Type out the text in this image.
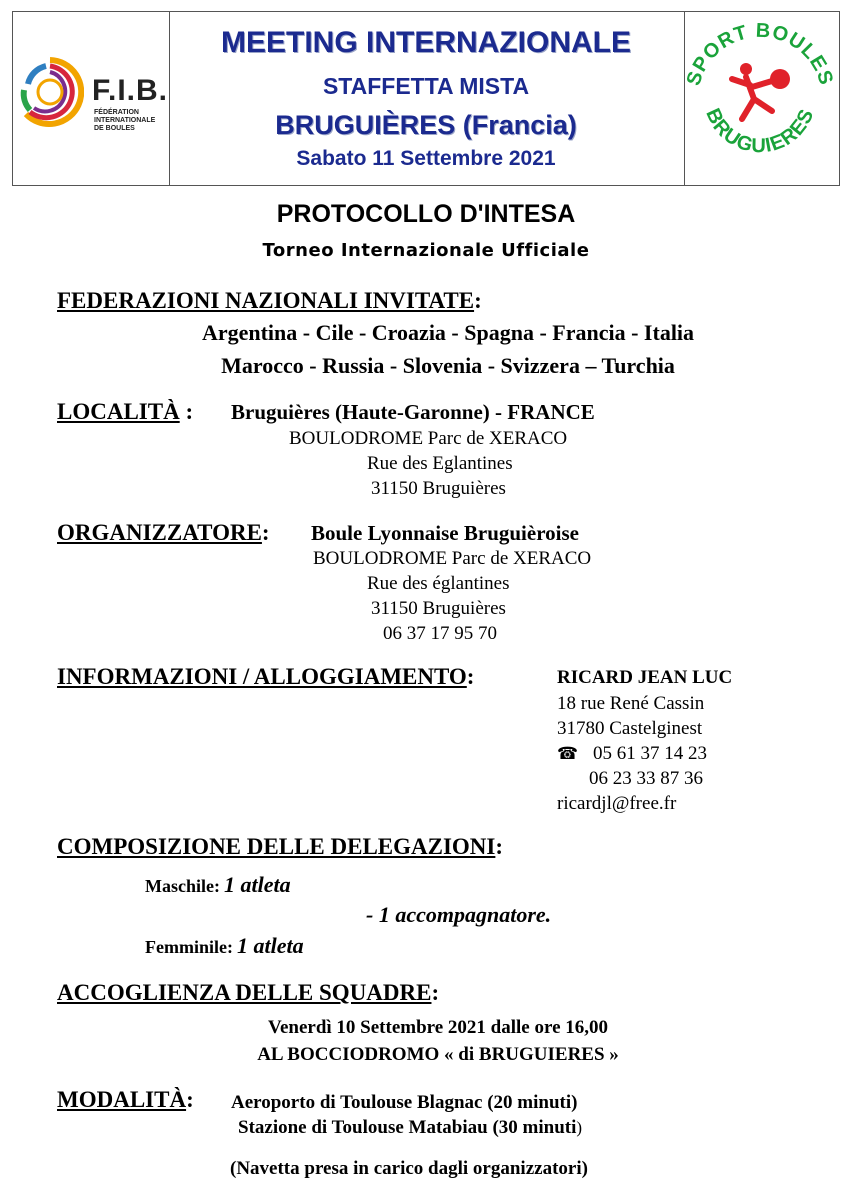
F.I.B.
FÉDÉRATION
INTERNATIONALE
DE BOULES
MEETING INTERNAZIONALE
STAFFETTA MISTA
BRUGUIÈRES (Francia)
Sabato 11 Settembre 2021
SPORT BOULES
BRUGUIERES
PROTOCOLLO D'INTESA
Torneo Internazionale Ufficiale
FEDERAZIONI NAZIONALI INVITATE:
Argentina - Cile - Croazia - Spagna - Francia - Italia
Marocco - Russia - Slovenia - Svizzera – Turchia
LOCALITÀ : Bruguières (Haute-Garonne) - FRANCE
BOULODROME Parc de XERACO
Rue des Eglantines
31150 Bruguières
ORGANIZZATORE: Boule Lyonnaise Bruguièroise
BOULODROME Parc de XERACO
Rue des églantines
31150 Bruguières
06 37 17 95 70
INFORMAZIONI / ALLOGGIAMENTO:	RICARD JEAN LUC
18 rue René Cassin
31780 Castelginest
☎ 05 61 37 14 23
06 23 33 87 36
ricardjl@free.fr
COMPOSIZIONE DELLE DELEGAZIONI:
Maschile: 1 atleta
- 1 accompagnatore.
Femminile: 1 atleta
ACCOGLIENZA DELLE SQUADRE:
Venerdì 10 Settembre 2021 dalle ore 16,00
AL BOCCIODROMO « di BRUGUIERES »
MODALITÀ: Aeroporto di Toulouse Blagnac (20 minuti)
Stazione di Toulouse Matabiau (30 minuti)
(Navetta presa in carico dagli organizzatori)
